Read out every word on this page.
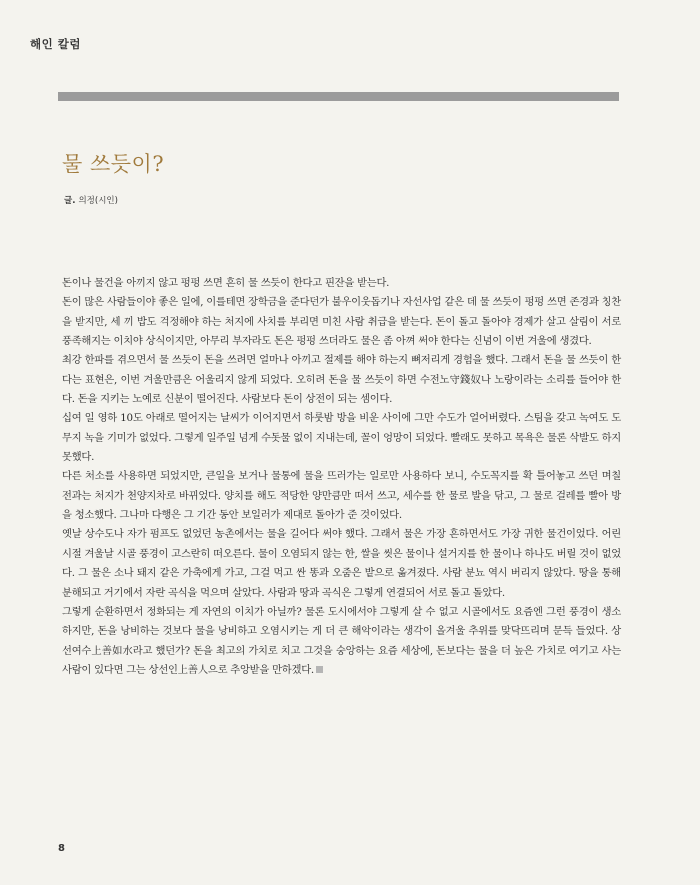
해인 칼럼
물 쓰듯이?
글. 의정(시인)

돈이나 물건을 아끼지 않고 펑펑 쓰면 흔히 물 쓰듯이 한다고 핀잔을 받는다.

돈이 많은 사람들이야 좋은 일에, 이를테면 장학금을 준다던가 불우이웃돕기나 자선사업 같은 데 물 쓰듯이 펑펑 쓰면 존경과 칭찬을 받지만, 세 끼 밥도 걱정해야 하는 처지에 사치를 부리면 미친 사람 취급을 받는다. 돈이 돌고 돌아야 경제가 살고 살림이 서로 풍족해지는 이치야 상식이지만, 아무리 부자라도 돈은 펑펑 쓰더라도 물은 좀 아껴 써야 한다는 신념이 이번 겨울에 생겼다.

최강 한파를 겪으면서 물 쓰듯이 돈을 쓰려면 얼마나 아끼고 절제를 해야 하는지 뼈저리게 경험을 했다. 그래서 돈을 물 쓰듯이 한다는 표현은, 이번 겨울만큼은 어울리지 않게 되었다. 오히려 돈을 물 쓰듯이 하면 수전노守錢奴나 노랑이라는 소리를 들어야 한다. 돈을 지키는 노예로 신분이 떨어진다. 사람보다 돈이 상전이 되는 셈이다.

십여 일 영하 10도 아래로 떨어지는 날씨가 이어지면서 하룻밤 방을 비운 사이에 그만 수도가 얼어버렸다. 스팀을 갖고 녹여도 도무지 녹을 기미가 없었다. 그렇게 일주일 넘게 수돗물 없이 지내는데, 꼴이 엉망이 되었다. 빨래도 못하고 목욕은 물론 삭발도 하지 못했다.

다른 처소를 사용하면 되었지만, 큰일을 보거나 물통에 물을 뜨러가는 일로만 사용하다 보니, 수도꼭지를 확 틀어놓고 쓰던 며칠 전과는 처지가 천양지차로 바뀌었다. 양치를 해도 적당한 양만큼만 떠서 쓰고, 세수를 한 물로 발을 닦고, 그 물로 걸레를 빨아 방을 청소했다. 그나마 다행은 그 기간 동안 보일러가 제대로 돌아가 준 것이었다.

옛날 상수도나 자가 펌프도 없었던 농촌에서는 물을 길어다 써야 했다. 그래서 물은 가장 흔하면서도 가장 귀한 물건이었다. 어린 시절 겨울날 시골 풍경이 고스란히 떠오른다. 물이 오염되지 않는 한, 쌀을 씻은 물이나 설거지를 한 물이나 하나도 버릴 것이 없었다. 그 물은 소나 돼지 같은 가축에게 가고, 그걸 먹고 싼 똥과 오줌은 밭으로 옮겨졌다. 사람 분뇨 역시 버리지 않았다. 땅을 통해 분해되고 거기에서 자란 곡식을 먹으며 살았다. 사람과 땅과 곡식은 그렇게 연결되어 서로 돌고 돌았다.

그렇게 순환하면서 정화되는 게 자연의 이치가 아닐까? 물론 도시에서야 그렇게 살 수 없고 시골에서도 요즘엔 그런 풍경이 생소하지만, 돈을 낭비하는 것보다 물을 낭비하고 오염시키는 게 더 큰 해악이라는 생각이 올겨울 추위를 맞닥뜨리며 문득 들었다. 상선여수上善如水라고 했던가? 돈을 최고의 가치로 치고 그것을 숭앙하는 요즘 세상에, 돈보다는 물을 더 높은 가치로 여기고 사는 사람이 있다면 그는 상선인上善人으로 추앙받을 만하겠다.

8
